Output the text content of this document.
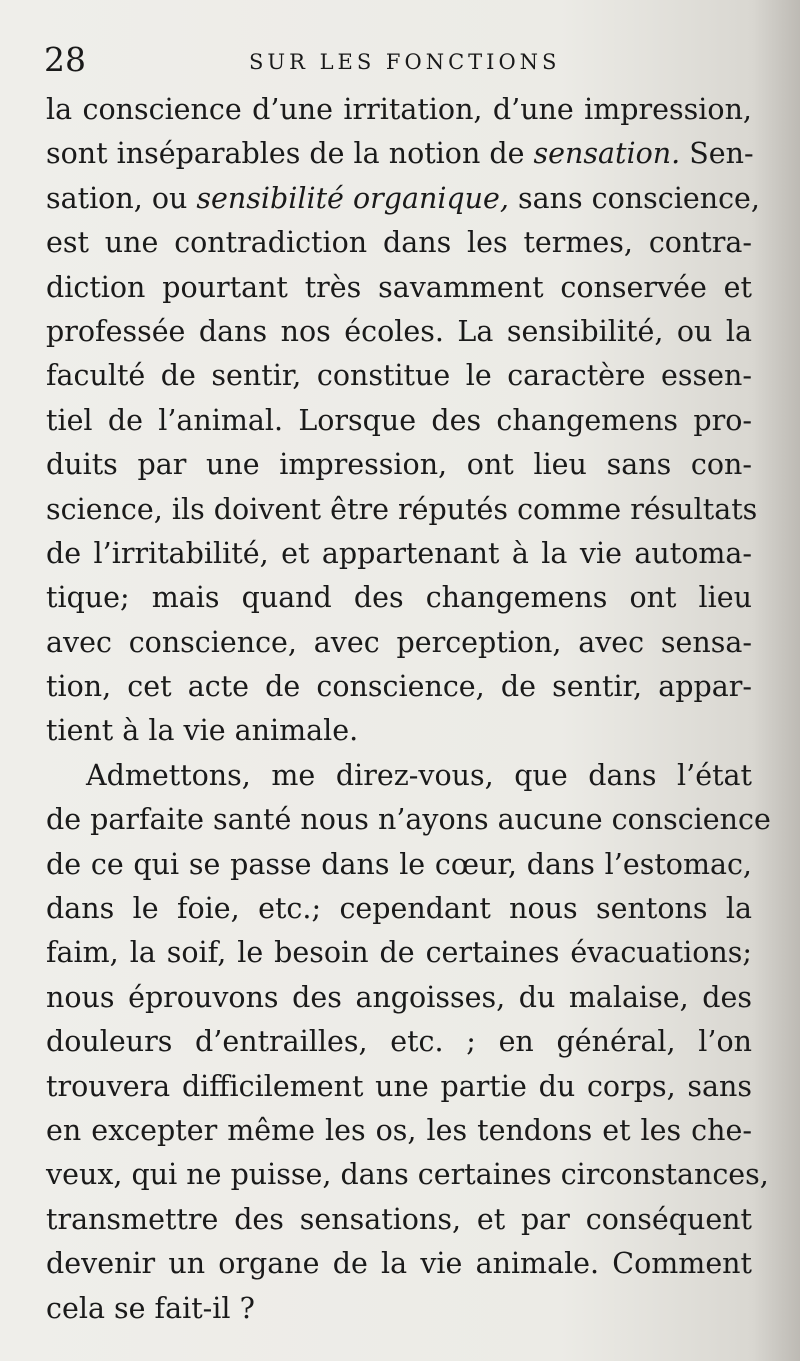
28	SUR LES FONCTIONS
la conscience d’une irritation, d’une impression,
sont inséparables de la notion de sensation. Sen-
sation, ou sensibilité organique, sans conscience,
est une contradiction dans les termes, contra-
diction pourtant très savamment conservée et
professée dans nos écoles. La sensibilité, ou la
faculté de sentir, constitue le caractère essen-
tiel de l’animal. Lorsque des changemens pro-
duits par une impression, ont lieu sans con-
science, ils doivent être réputés comme résultats
de l’irritabilité, et appartenant à la vie automa-
tique; mais quand des changemens ont lieu
avec conscience, avec perception, avec sensa-
tion, cet acte de conscience, de sentir, appar-
tient à la vie animale.
Admettons, me direz-vous, que dans l’état
de parfaite santé nous n’ayons aucune conscience
de ce qui se passe dans le cœur, dans l’estomac,
dans le foie, etc.; cependant nous sentons la
faim, la soif, le besoin de certaines évacuations;
nous éprouvons des angoisses, du malaise, des
douleurs d’entrailles, etc. ; en général, l’on
trouvera difficilement une partie du corps, sans
en excepter même les os, les tendons et les che-
veux, qui ne puisse, dans certaines circonstances,
transmettre des sensations, et par conséquent
devenir un organe de la vie animale. Comment
cela se fait-il ?
